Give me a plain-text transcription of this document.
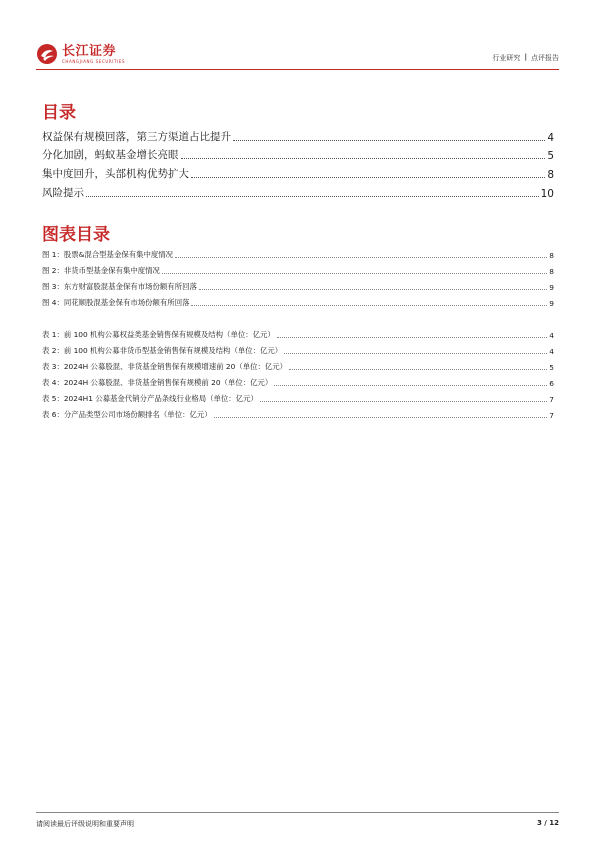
长江证券
CHANGJIANG SECURITIES	行业研究 | 点评报告
目录
权益保有规模回落，第三方渠道占比提升	4
分化加剧，蚂蚁基金增长亮眼	5
集中度回升，头部机构优势扩大	8
风险提示	10
图表目录
图 1：股票&混合型基金保有集中度情况	8
图 2：非货币型基金保有集中度情况	8
图 3：东方财富股混基金保有市场份额有所回落	9
图 4：同花顺股混基金保有市场份额有所回落	9
表 1：前 100 机构公募权益类基金销售保有规模及结构（单位：亿元）	4
表 2：前 100 机构公募非货币型基金销售保有规模及结构（单位：亿元）	4
表 3：2024H 公募股混、非货基金销售保有规模增速前 20（单位：亿元）	5
表 4：2024H 公募股混、非货基金销售保有规模前 20（单位：亿元）	6
表 5：2024H1 公募基金代销分产品条线行业格局（单位：亿元）	7
表 6：分产品类型公司市场份额排名（单位：亿元）	7
请阅读最后评级说明和重要声明	3 / 12
